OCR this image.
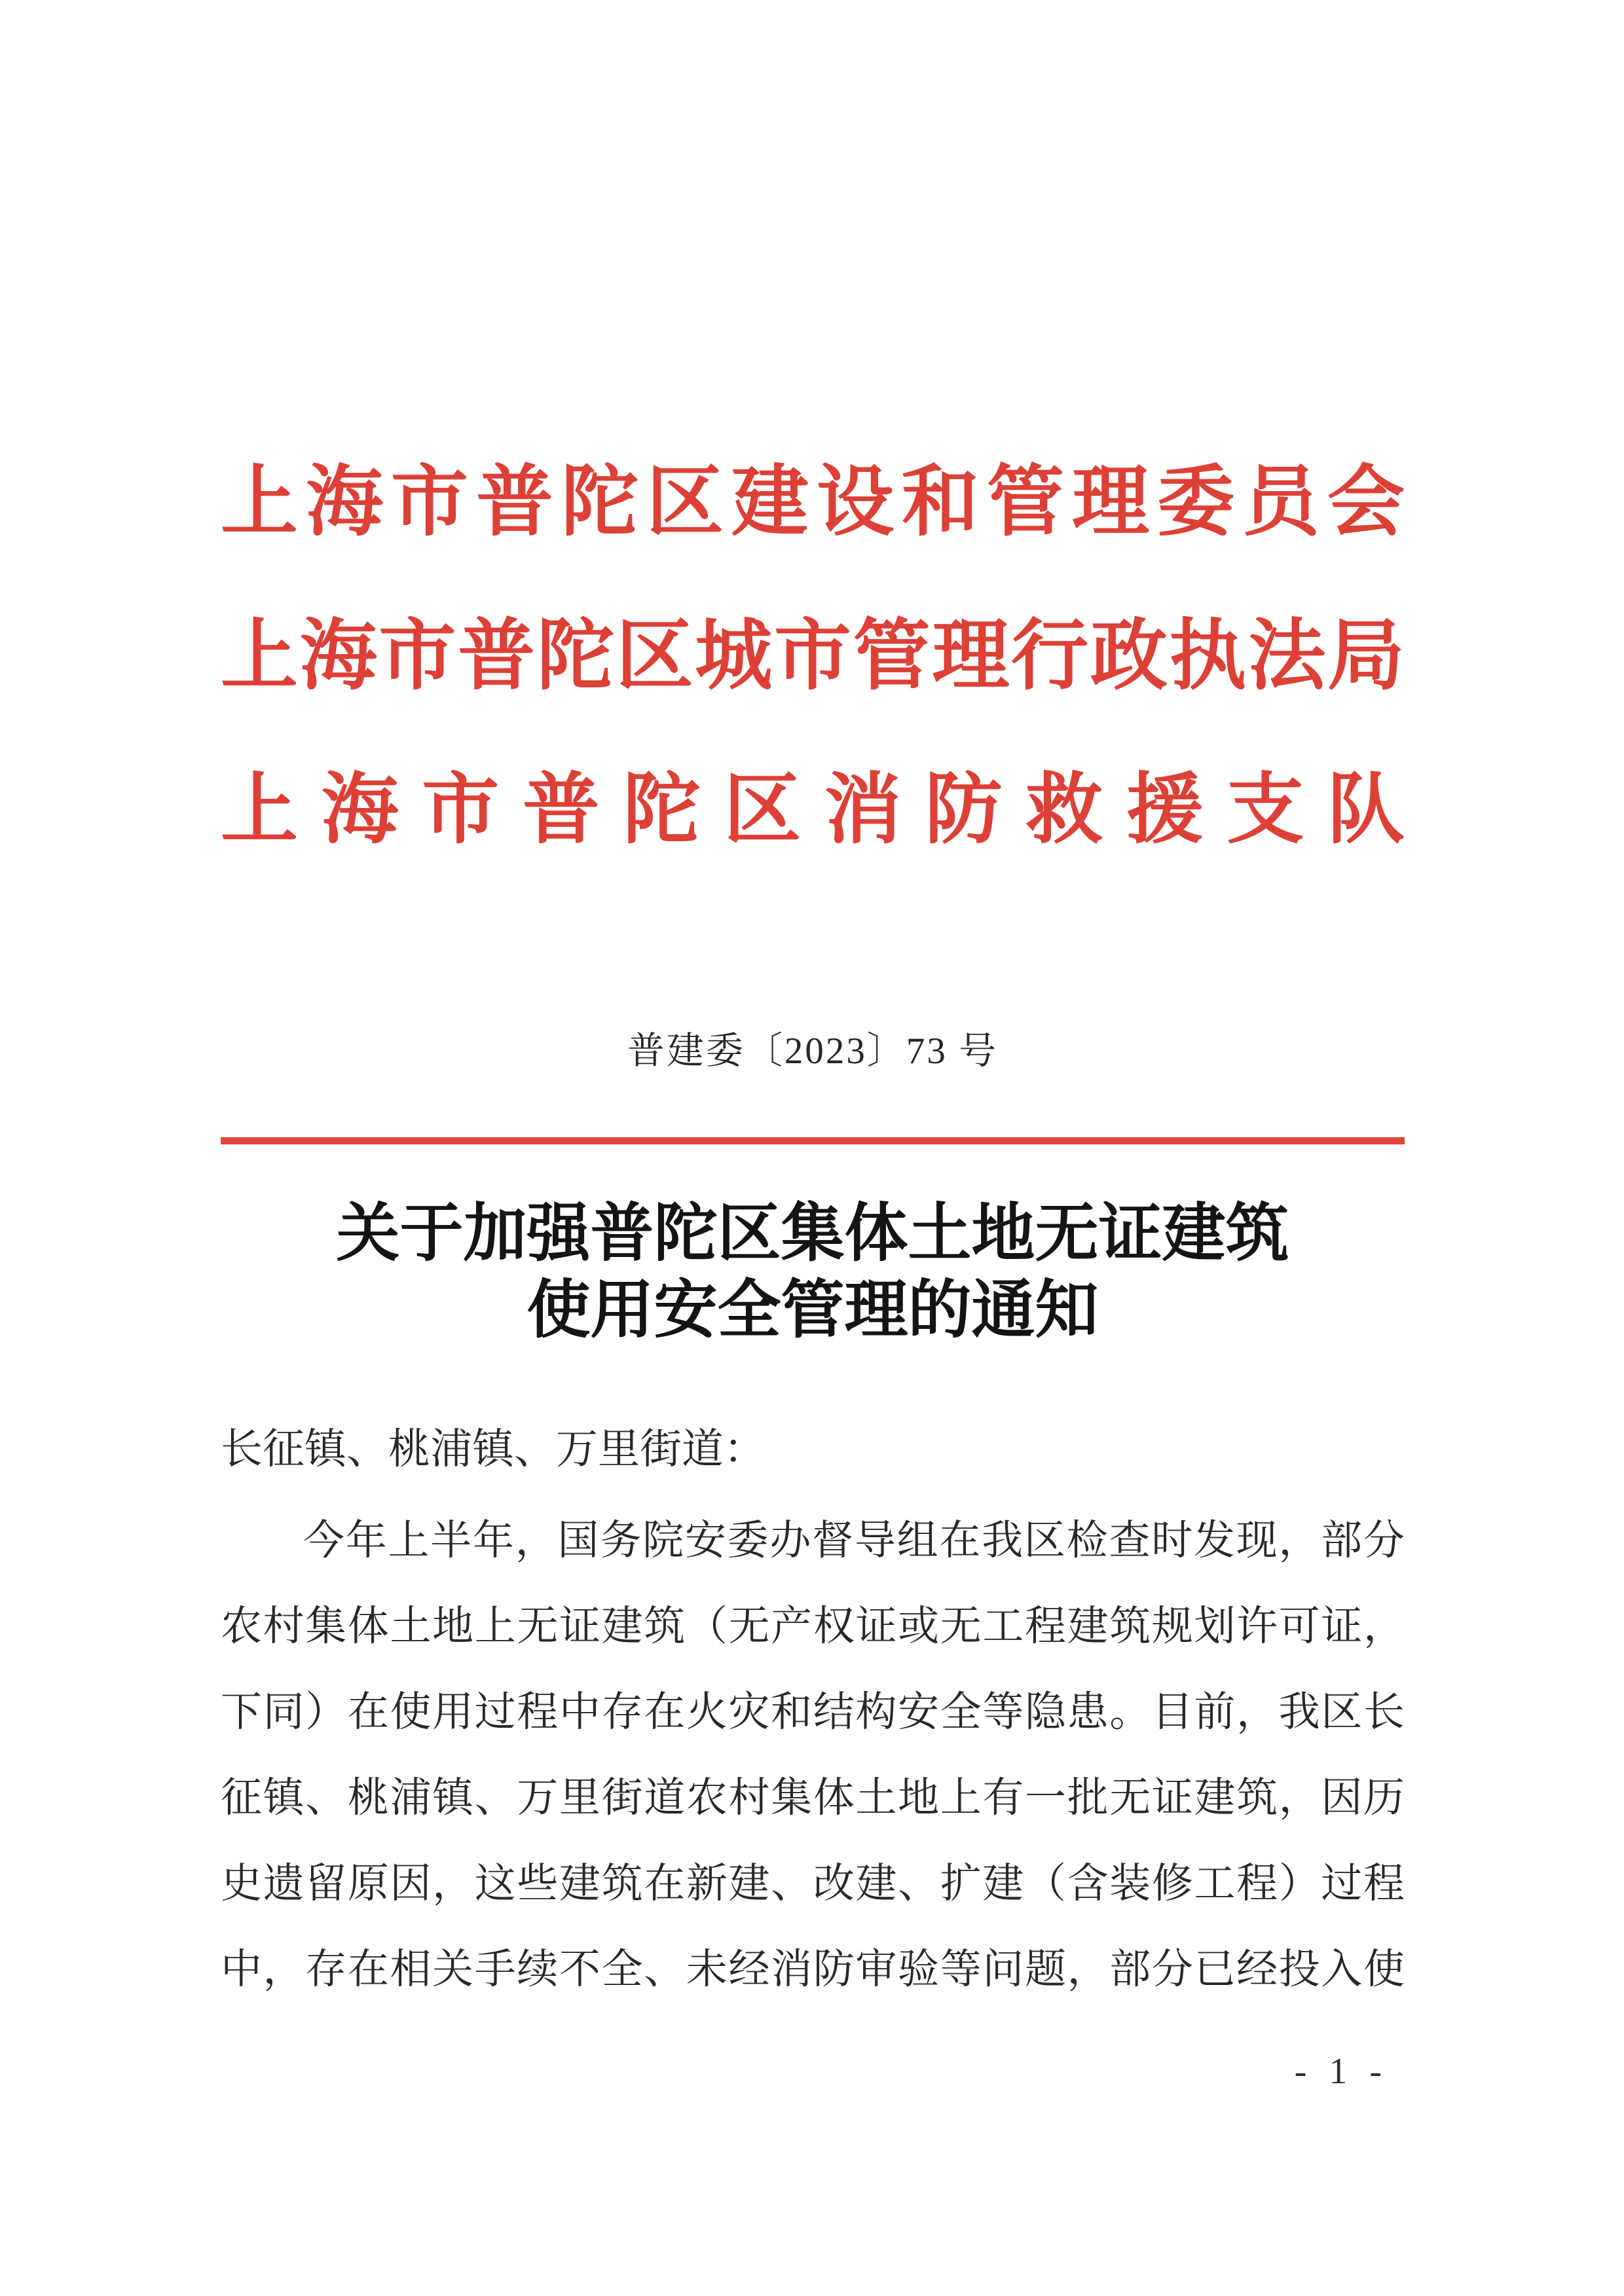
上海市普陀区建设和管理委员会
上海市普陀区城市管理行政执法局
上海市普陀区消防救援支队
普建委〔2023〕73 号
关于加强普陀区集体土地无证建筑
使用安全管理的通知
长征镇、桃浦镇、万里街道：
今年上半年，国务院安委办督导组在我区检查时发现，部分
农村集体土地上无证建筑（无产权证或无工程建筑规划许可证，
下同）在使用过程中存在火灾和结构安全等隐患。目前，我区长
征镇、桃浦镇、万里街道农村集体土地上有一批无证建筑，因历
史遗留原因，这些建筑在新建、改建、扩建（含装修工程）过程
中，存在相关手续不全、未经消防审验等问题，部分已经投入使
- 1 -
